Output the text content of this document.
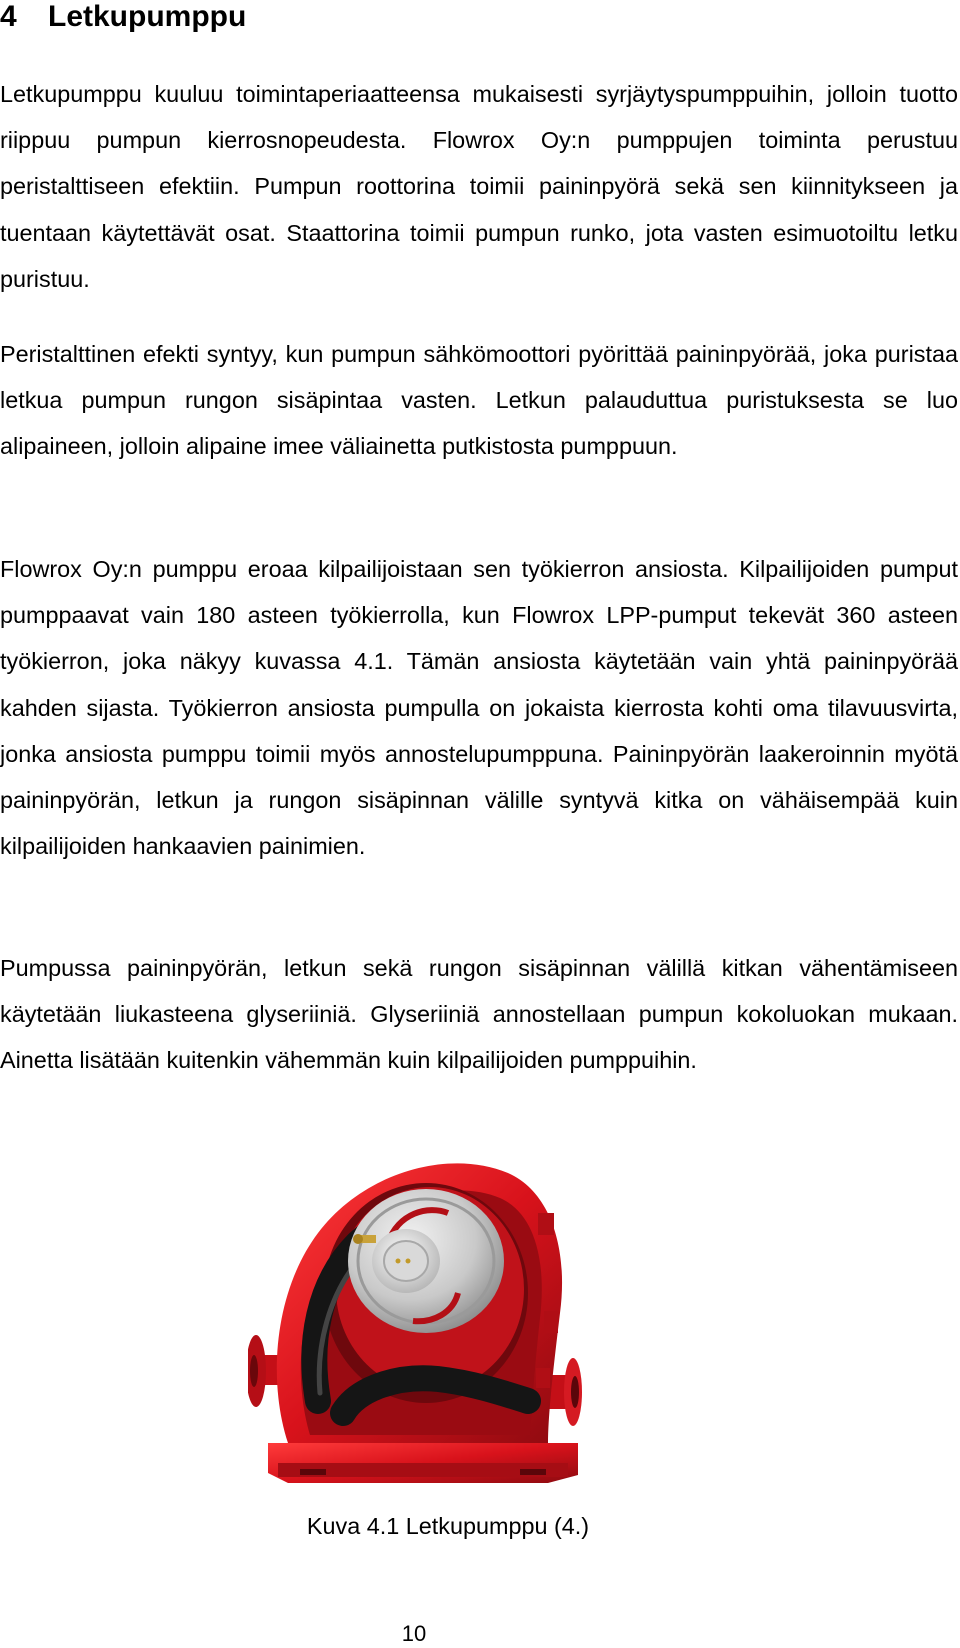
4 Letkupumppu

Letkupumppu kuuluu toimintaperiaatteensa mukaisesti syrjäytyspumppuihin, jolloin tuotto riippuu pumpun kierrosnopeudesta. Flowrox Oy:n pumppujen toiminta perustuu peristalttiseen efektiin. Pumpun roottorina toimii paininpyörä sekä sen kiinnitykseen ja tuentaan käytettävät osat. Staattorina toimii pumpun runko, jota vasten esimuotoiltu letku puristuu.

Peristalttinen efekti syntyy, kun pumpun sähkömoottori pyörittää paininpyörää, joka puristaa letkua pumpun rungon sisäpintaa vasten. Letkun palauduttua puristuksesta se luo alipaineen, jolloin alipaine imee väliainetta putkistosta pumppuun.

Flowrox Oy:n pumppu eroaa kilpailijoistaan sen työkierron ansiosta. Kilpailijoiden pumput pumppaavat vain 180 asteen työkierrolla, kun Flowrox LPP-pumput tekevät 360 asteen työkierron, joka näkyy kuvassa 4.1. Tämän ansiosta käytetään vain yhtä paininpyörää kahden sijasta. Työkierron ansiosta pumpulla on jokaista kierrosta kohti oma tilavuusvirta, jonka ansiosta pumppu toimii myös annostelupumppuna. Paininpyörän laakeroinnin myötä paininpyörän, letkun ja rungon sisäpinnan välille syntyvä kitka on vähäisempää kuin kilpailijoiden hankaavien painimien.

Pumpussa paininpyörän, letkun sekä rungon sisäpinnan välillä kitkan vähentämiseen käytetään liukasteena glyseriiniä. Glyseriiniä annostellaan pumpun kokoluokan mukaan. Ainetta lisätään kuitenkin vähemmän kuin kilpailijoiden pumppuihin.

Kuva 4.1 Letkupumppu (4.)
10
